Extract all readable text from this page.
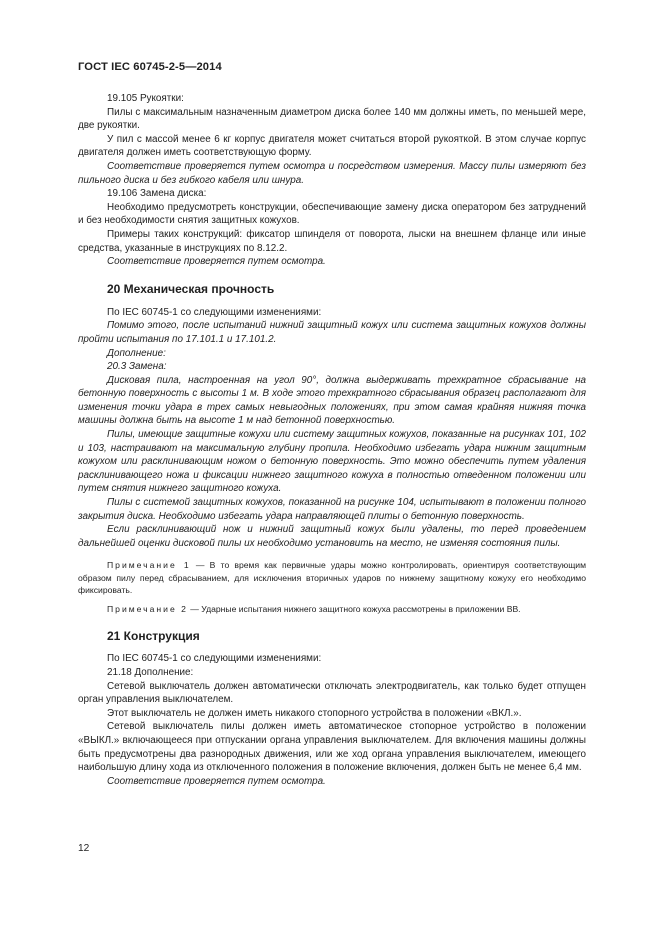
ГОСТ IEC 60745-2-5—2014

19.105 Рукоятки:

Пилы с максимальным назначенным диаметром диска более 140 мм должны иметь, по меньшей мере, две рукоятки.

У пил с массой менее 6 кг корпус двигателя может считаться второй рукояткой. В этом случае корпус двигателя должен иметь соответствующую форму.

Соответствие проверяется путем осмотра и посредством измерения. Массу пилы измеряют без пильного диска и без гибкого кабеля или шнура.

19.106 Замена диска:

Необходимо предусмотреть конструкции, обеспечивающие замену диска оператором без затруднений и без необходимости снятия защитных кожухов.

Примеры таких конструкций: фиксатор шпинделя от поворота, лыски на внешнем фланце или иные средства, указанные в инструкциях по 8.12.2.

Соответствие проверяется путем осмотра.

20 Механическая прочность

По IEC 60745-1 со следующими изменениями:

Помимо этого, после испытаний нижний защитный кожух или система защитных кожухов должны пройти испытания по 17.101.1 и 17.101.2.

Дополнение:

20.3 Замена:

Дисковая пила, настроенная на угол 90°, должна выдерживать трехкратное сбрасывание на бетонную поверхность с высоты 1 м. В ходе этого трехкратного сбрасывания образец располагают для изменения точки удара в трех самых невыгодных положениях, при этом самая крайняя нижняя точка машины должна быть на высоте 1 м над бетонной поверхностью.

Пилы, имеющие защитные кожухи или систему защитных кожухов, показанные на рисунках 101, 102 и 103, настраивают на максимальную глубину пропила. Необходимо избегать удара нижним защитным кожухом или расклинивающим ножом о бетонную поверхность. Это можно обеспечить путем удаления расклинивающего ножа и фиксации нижнего защитного кожуха в полностью отведенном положении или путем снятия нижнего защитного кожуха.

Пилы с системой защитных кожухов, показанной на рисунке 104, испытывают в положении полного закрытия диска. Необходимо избегать удара направляющей плиты о бетонную поверхность.

Если расклинивающий нож и нижний защитный кожух были удалены, то перед проведением дальнейшей оценки дисковой пилы их необходимо установить на место, не изменяя состояния пилы.

Примечание 1 — В то время как первичные удары можно контролировать, ориентируя соответствующим образом пилу перед сбрасыванием, для исключения вторичных ударов по нижнему защитному кожуху его необходимо фиксировать.

Примечание 2 — Ударные испытания нижнего защитного кожуха рассмотрены в приложении ВВ.

21 Конструкция

По IEC 60745-1 со следующими изменениями:

21.18 Дополнение:

Сетевой выключатель должен автоматически отключать электродвигатель, как только будет отпущен орган управления выключателем.

Этот выключатель не должен иметь никакого стопорного устройства в положении «ВКЛ.».

Сетевой выключатель пилы должен иметь автоматическое стопорное устройство в положении «ВЫКЛ.» включающееся при отпускании органа управления выключателем. Для включения машины должны быть предусмотрены два разнородных движения, или же ход органа управления выключателем, имеющего наибольшую длину хода из отключенного положения в положение включения, должен быть не менее 6,4 мм.

Соответствие проверяется путем осмотра.

12
